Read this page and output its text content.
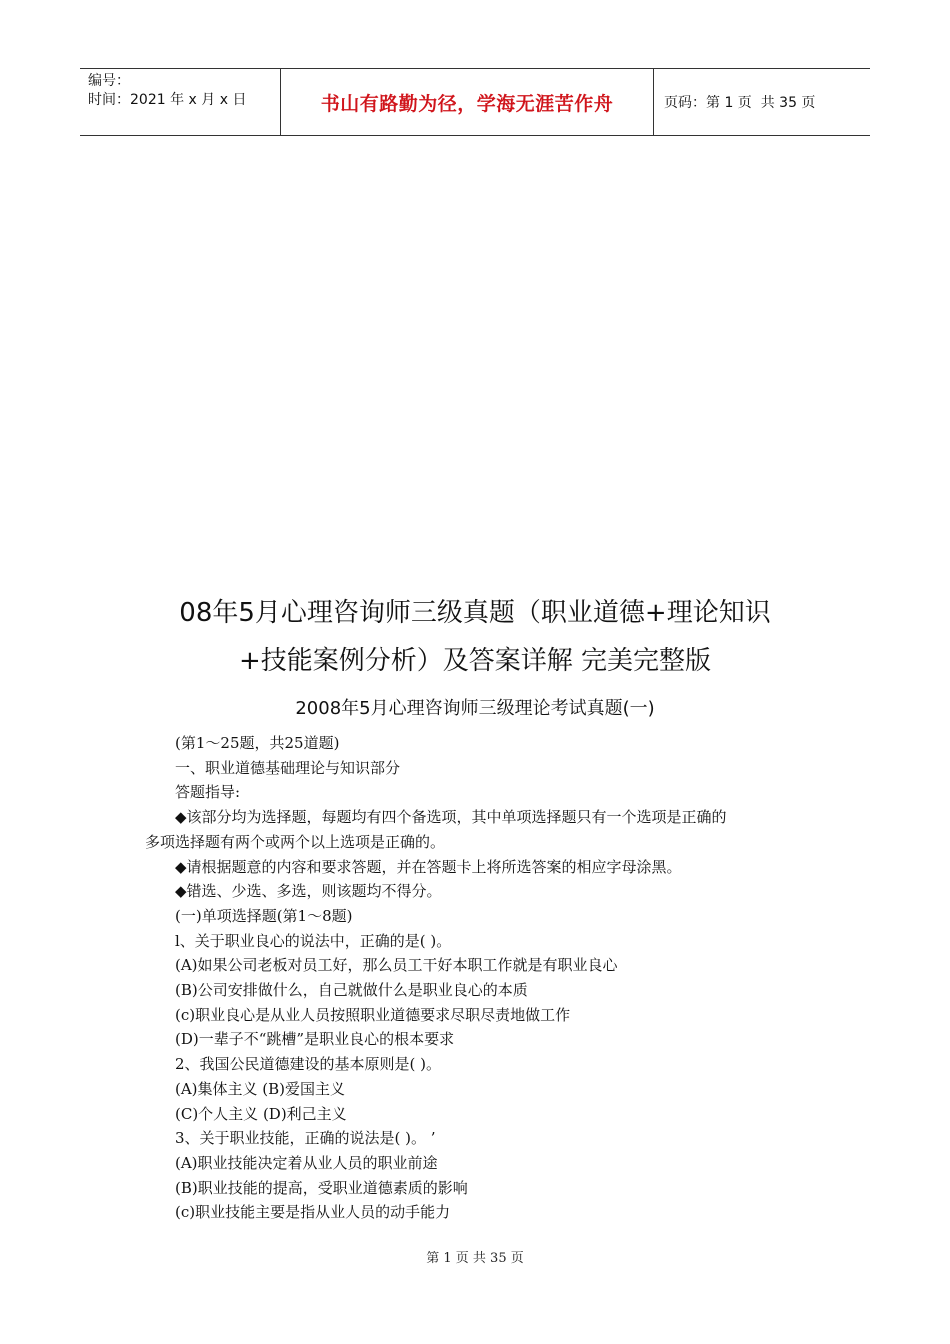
编号：
时间：2021 年 x 月 x 日	书山有路勤为径，学海无涯苦作舟	页码：第 1 页  共 35 页
08年5月心理咨询师三级真题（职业道德+理论知识
+技能案例分析）及答案详解 完美完整版
2008年5月心理咨询师三级理论考试真题(一)
(第1～25题，共25道题)
一、职业道德基础理论与知识部分
答题指导:
◆该部分均为选择题，每题均有四个备选项，其中单项选择题只有一个选项是正确的
多项选择题有两个或两个以上选项是正确的。
◆请根据题意的内容和要求答题，并在答题卡上将所选答案的相应字母涂黑。
◆错选、少选、多选，则该题均不得分。
(一)单项选择题(第1～8题)
l、关于职业良心的说法中，正确的是( )。
(A)如果公司老板对员工好，那么员工干好本职工作就是有职业良心
(B)公司安排做什么，自己就做什么是职业良心的本质
(c)职业良心是从业人员按照职业道德要求尽职尽责地做工作
(D)一辈子不“跳槽”是职业良心的根本要求
2、我国公民道德建设的基本原则是( )。
(A)集体主义 (B)爱国主义
(C)个人主义 (D)利己主义
3、关于职业技能，正确的说法是( )。 ’
(A)职业技能决定着从业人员的职业前途
(B)职业技能的提高，受职业道德素质的影响
(c)职业技能主要是指从业人员的动手能力
第 1 页 共 35 页
